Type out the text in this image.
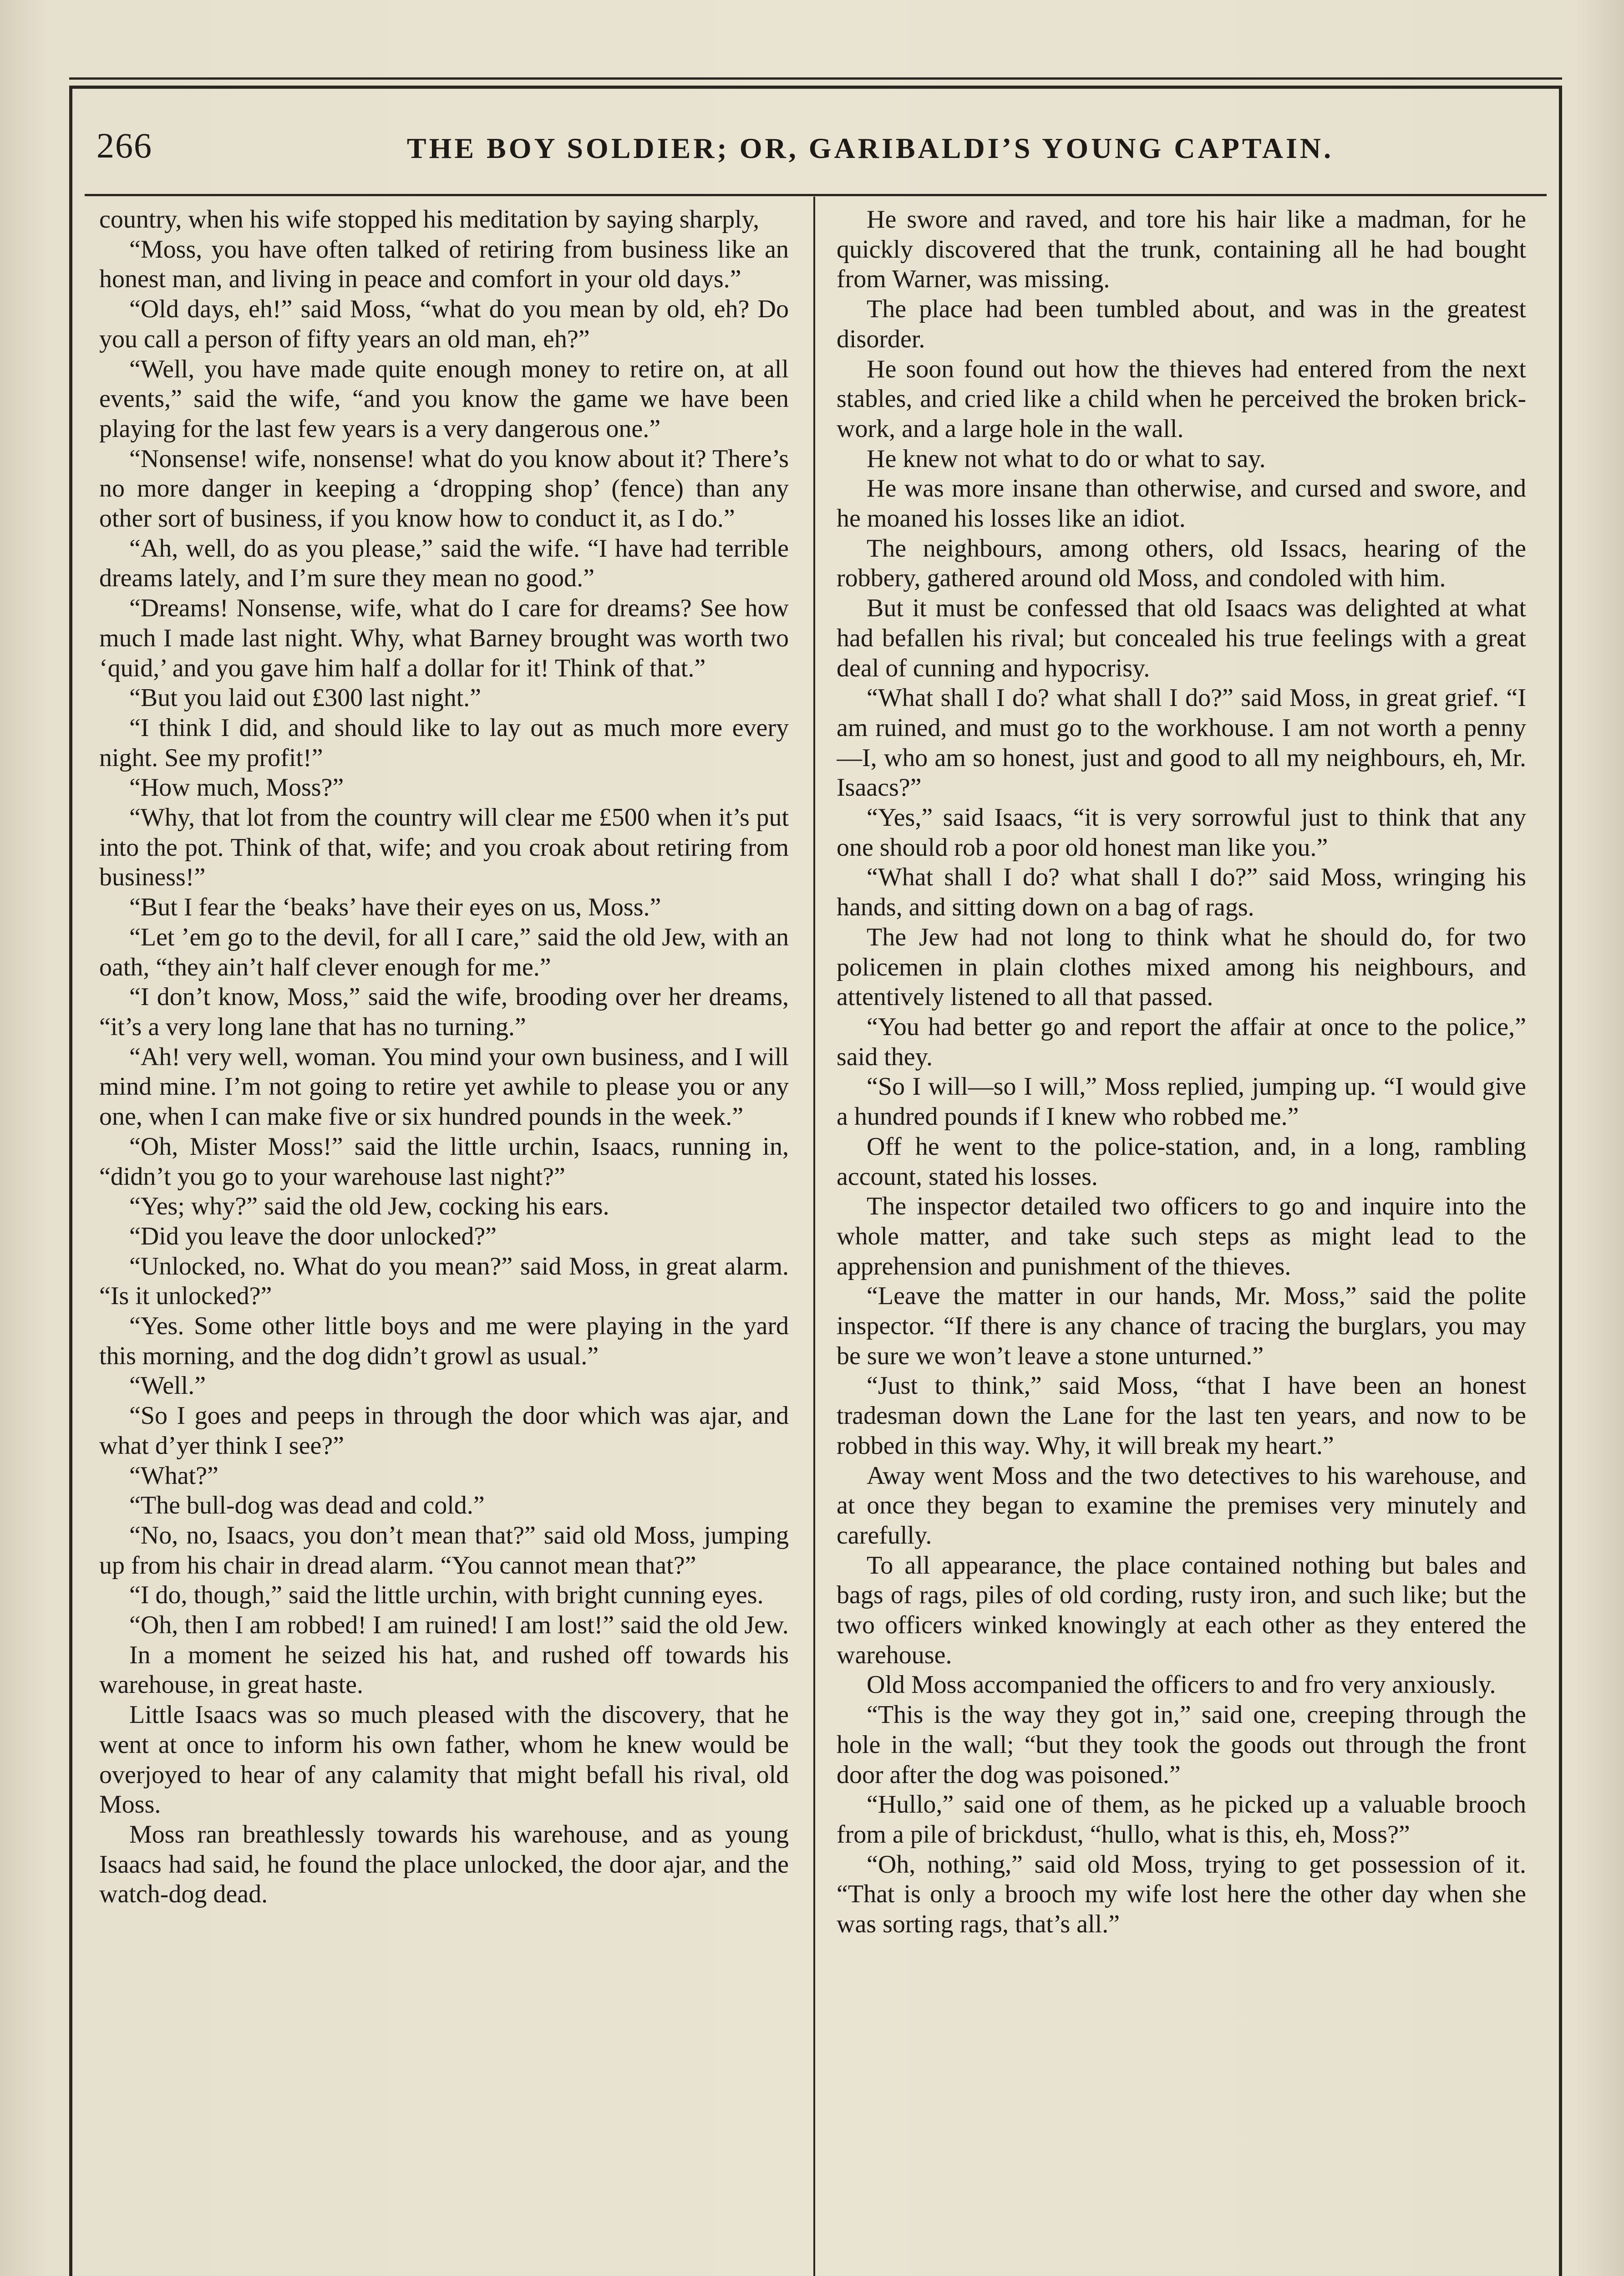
266	THE BOY SOLDIER; OR, GARIBALDI’S YOUNG CAPTAIN.

country, when his wife stopped his meditation by saying sharply,

“Moss, you have often talked of retiring from business like an honest man, and living in peace and comfort in your old days.”

“Old days, eh!” said Moss, “what do you mean by old, eh? Do you call a person of fifty years an old man, eh?”

“Well, you have made quite enough money to retire on, at all events,” said the wife, “and you know the game we have been playing for the last few years is a very dangerous one.”

“Nonsense! wife, nonsense! what do you know about it? There’s no more danger in keeping a ‘dropping shop’ (fence) than any other sort of business, if you know how to conduct it, as I do.”

“Ah, well, do as you please,” said the wife. “I have had terrible dreams lately, and I’m sure they mean no good.”

“Dreams! Nonsense, wife, what do I care for dreams? See how much I made last night. Why, what Barney brought was worth two ‘quid,’ and you gave him half a dollar for it! Think of that.”

“But you laid out £300 last night.”

“I think I did, and should like to lay out as much more every night. See my profit!”

“How much, Moss?”

“Why, that lot from the country will clear me £500 when it’s put into the pot. Think of that, wife; and you croak about retiring from business!”

“But I fear the ‘beaks’ have their eyes on us, Moss.”

“Let ’em go to the devil, for all I care,” said the old Jew, with an oath, “they ain’t half clever enough for me.”

“I don’t know, Moss,” said the wife, brooding over her dreams, “it’s a very long lane that has no turning.”

“Ah! very well, woman. You mind your own business, and I will mind mine. I’m not going to retire yet awhile to please you or any one, when I can make five or six hundred pounds in the week.”

“Oh, Mister Moss!” said the little urchin, Isaacs, running in, “didn’t you go to your warehouse last night?”

“Yes; why?” said the old Jew, cocking his ears.

“Did you leave the door unlocked?”

“Unlocked, no. What do you mean?” said Moss, in great alarm. “Is it unlocked?”

“Yes. Some other little boys and me were playing in the yard this morning, and the dog didn’t growl as usual.”

“Well.”

“So I goes and peeps in through the door which was ajar, and what d’yer think I see?”

“What?”

“The bull-dog was dead and cold.”

“No, no, Isaacs, you don’t mean that?” said old Moss, jumping up from his chair in dread alarm. “You cannot mean that?”

“I do, though,” said the little urchin, with bright cunning eyes.

“Oh, then I am robbed! I am ruined! I am lost!” said the old Jew.

In a moment he seized his hat, and rushed off towards his warehouse, in great haste.

Little Isaacs was so much pleased with the discovery, that he went at once to inform his own father, whom he knew would be overjoyed to hear of any calamity that might befall his rival, old Moss.

Moss ran breathlessly towards his warehouse, and as young Isaacs had said, he found the place unlocked, the door ajar, and the watch-dog dead.

He swore and raved, and tore his hair like a madman, for he quickly discovered that the trunk, containing all he had bought from Warner, was missing.

The place had been tumbled about, and was in the greatest disorder.

He soon found out how the thieves had entered from the next stables, and cried like a child when he perceived the broken brick-work, and a large hole in the wall.

He knew not what to do or what to say.

He was more insane than otherwise, and cursed and swore, and he moaned his losses like an idiot.

The neighbours, among others, old Issacs, hearing of the robbery, gathered around old Moss, and condoled with him.

But it must be confessed that old Isaacs was delighted at what had befallen his rival; but concealed his true feelings with a great deal of cunning and hypocrisy.

“What shall I do? what shall I do?” said Moss, in great grief. “I am ruined, and must go to the workhouse. I am not worth a penny—I, who am so honest, just and good to all my neighbours, eh, Mr. Isaacs?”

“Yes,” said Isaacs, “it is very sorrowful just to think that any one should rob a poor old honest man like you.”

“What shall I do? what shall I do?” said Moss, wringing his hands, and sitting down on a bag of rags.

The Jew had not long to think what he should do, for two policemen in plain clothes mixed among his neighbours, and attentively listened to all that passed.

“You had better go and report the affair at once to the police,” said they.

“So I will—so I will,” Moss replied, jumping up. “I would give a hundred pounds if I knew who robbed me.”

Off he went to the police-station, and, in a long, rambling account, stated his losses.

The inspector detailed two officers to go and inquire into the whole matter, and take such steps as might lead to the apprehension and punishment of the thieves.

“Leave the matter in our hands, Mr. Moss,” said the polite inspector. “If there is any chance of tracing the burglars, you may be sure we won’t leave a stone unturned.”

“Just to think,” said Moss, “that I have been an honest tradesman down the Lane for the last ten years, and now to be robbed in this way. Why, it will break my heart.”

Away went Moss and the two detectives to his warehouse, and at once they began to examine the premises very minutely and carefully.

To all appearance, the place contained nothing but bales and bags of rags, piles of old cording, rusty iron, and such like; but the two officers winked knowingly at each other as they entered the warehouse.

Old Moss accompanied the officers to and fro very anxiously.

“This is the way they got in,” said one, creeping through the hole in the wall; “but they took the goods out through the front door after the dog was poisoned.”

“Hullo,” said one of them, as he picked up a valuable brooch from a pile of brickdust, “hullo, what is this, eh, Moss?”

“Oh, nothing,” said old Moss, trying to get possession of it. “That is only a brooch my wife lost here the other day when she was sorting rags, that’s all.”
